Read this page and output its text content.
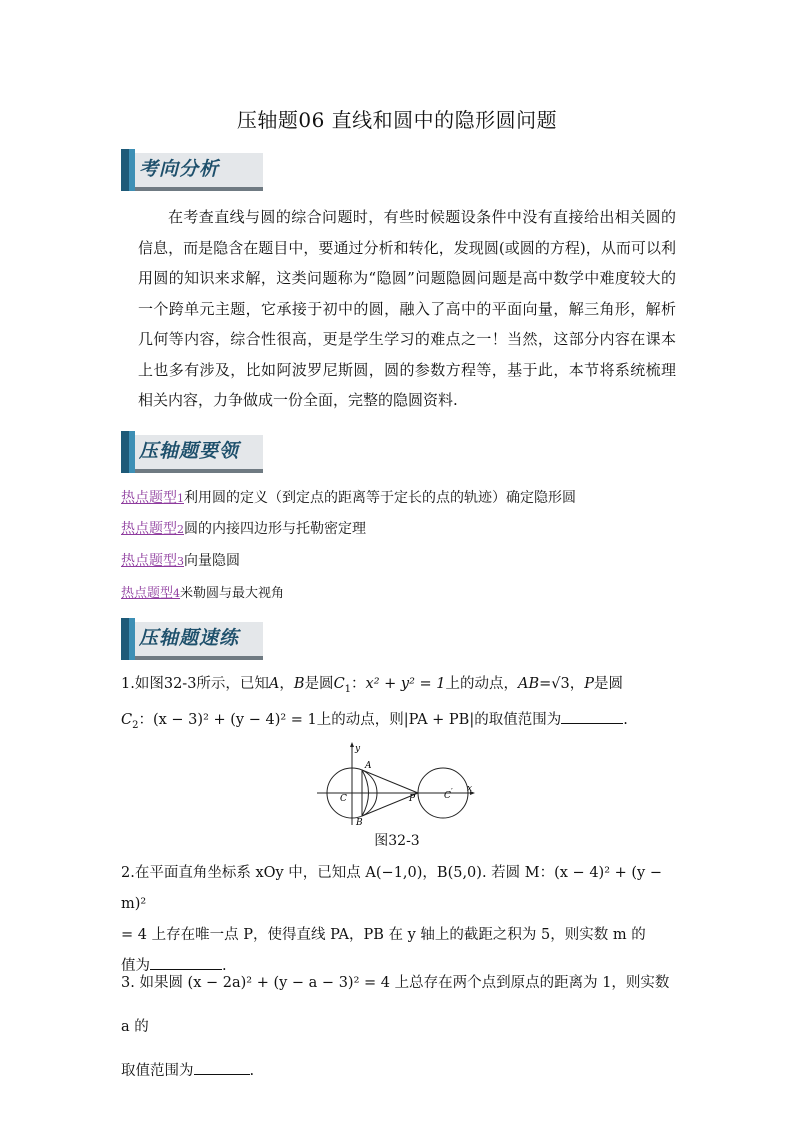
压轴题06 直线和圆中的隐形圆问题
考向分析

在考查直线与圆的综合问题时，有些时候题设条件中没有直接给出相关圆的信息，而是隐含在题目中，要通过分析和转化，发现圆(或圆的方程)，从而可以利用圆的知识来求解，这类问题称为“隐圆”问题隐圆问题是高中数学中难度较大的一个跨单元主题，它承接于初中的圆，融入了高中的平面向量，解三角形，解析几何等内容，综合性很高，更是学生学习的难点之一！当然，这部分内容在课本上也多有涉及，比如阿波罗尼斯圆，圆的参数方程等，基于此，本节将系统梳理相关内容，力争做成一份全面，完整的隐圆资料.

压轴题要领
热点题型1利用圆的定义（到定点的距离等于定长的点的轨迹）确定隐形圆
热点题型2圆的内接四边形与托勒密定理
热点题型3向量隐圆
热点题型4米勒圆与最大视角
压轴题速练

1.如图32-3所示，已知A，B是圆$C_1$：x² + y² = 1上的动点，AB=√3，P是圆

$C_2$：(x − 3)² + (y − 4)² = 1上的动点，则|PA + PB|的取值范围为	.

y
x
A
B
C	P	C ′
图32-3

2.在平面直角坐标系 xOy 中，已知点 A(−1,0)，B(5,0). 若圆 M：(x − 4)² + (y − m)²

= 4 上存在唯一点 P，使得直线 PA，PB 在 y 轴上的截距之积为 5，则实数 m 的

值为	.

3. 如果圆 (x − 2a)² + (y − a − 3)² = 4 上总存在两个点到原点的距离为 1，则实数 a 的

取值范围为	.
